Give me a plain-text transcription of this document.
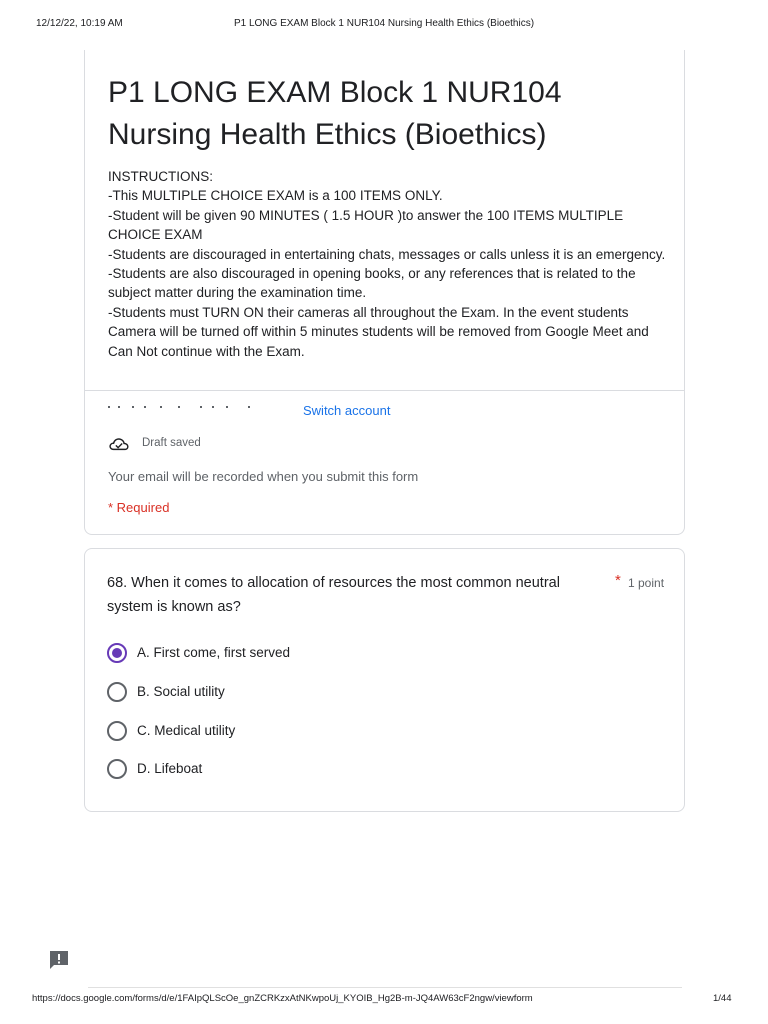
12/12/22, 10:19 AM	P1 LONG EXAM Block 1 NUR104 Nursing Health Ethics (Bioethics)
P1 LONG EXAM Block 1 NUR104 Nursing Health Ethics (Bioethics)
INSTRUCTIONS:
-This MULTIPLE CHOICE EXAM is a 100 ITEMS ONLY.
-Student will be given 90 MINUTES ( 1.5 HOUR )to answer the 100 ITEMS MULTIPLE CHOICE EXAM
-Students are discouraged in entertaining chats, messages or calls unless it is an emergency.
-Students are also discouraged in opening books, or any references that is related to the subject matter during the examination time.
-Students must TURN ON their cameras all throughout the Exam. In the event students Camera will be turned off within 5 minutes students will be removed from Google Meet and Can Not continue with the Exam.
Switch account
Draft saved
Your email will be recorded when you submit this form
* Required
68. When it comes to allocation of resources the most common neutral system is known as?
* 1 point
A. First come, first served
B. Social utility
C. Medical utility
D. Lifeboat
https://docs.google.com/forms/d/e/1FAIpQLScOe_gnZCRKzxAtNKwpoUj_KYOIB_Hg2B-m-JQ4AW63cF2ngw/viewform	1/44
